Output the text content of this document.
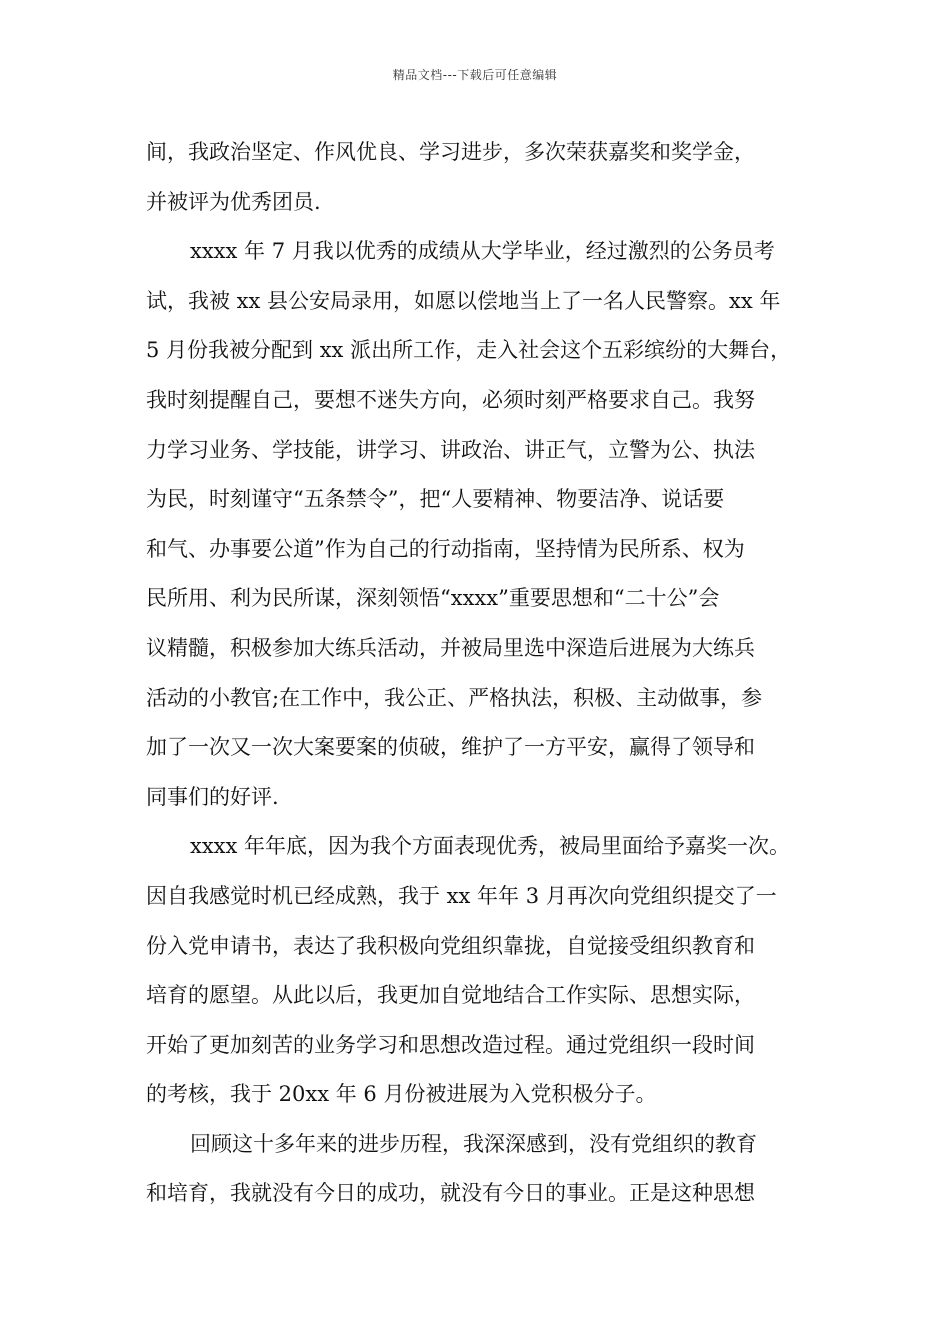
精品文档---下载后可任意编辑
间，我政治坚定、作风优良、学习进步，多次荣获嘉奖和奖学金，
并被评为优秀团员.
xxxx 年 7 月我以优秀的成绩从大学毕业，经过激烈的公务员考
试，我被 xx 县公安局录用，如愿以偿地当上了一名人民警察。xx 年
5 月份我被分配到 xx 派出所工作，走入社会这个五彩缤纷的大舞台，
我时刻提醒自己，要想不迷失方向，必须时刻严格要求自己。我努
力学习业务、学技能，讲学习、讲政治、讲正气，立警为公、执法
为民，时刻谨守“五条禁令”，把“人要精神、物要洁净、说话要
和气、办事要公道”作为自己的行动指南，坚持情为民所系、权为
民所用、利为民所谋，深刻领悟“xxxx”重要思想和“二十公”会
议精髓，积极参加大练兵活动，并被局里选中深造后进展为大练兵
活动的小教官;在工作中，我公正、严格执法，积极、主动做事，参
加了一次又一次大案要案的侦破，维护了一方平安，赢得了领导和
同事们的好评.
xxxx 年年底，因为我个方面表现优秀，被局里面给予嘉奖一次。
因自我感觉时机已经成熟，我于 xx 年年 3 月再次向党组织提交了一
份入党申请书，表达了我积极向党组织靠拢，自觉接受组织教育和
培育的愿望。从此以后，我更加自觉地结合工作实际、思想实际，
开始了更加刻苦的业务学习和思想改造过程。通过党组织一段时间
的考核，我于 20xx 年 6 月份被进展为入党积极分子。
回顾这十多年来的进步历程，我深深感到，没有党组织的教育
和培育，我就没有今日的成功，就没有今日的事业。正是这种思想
